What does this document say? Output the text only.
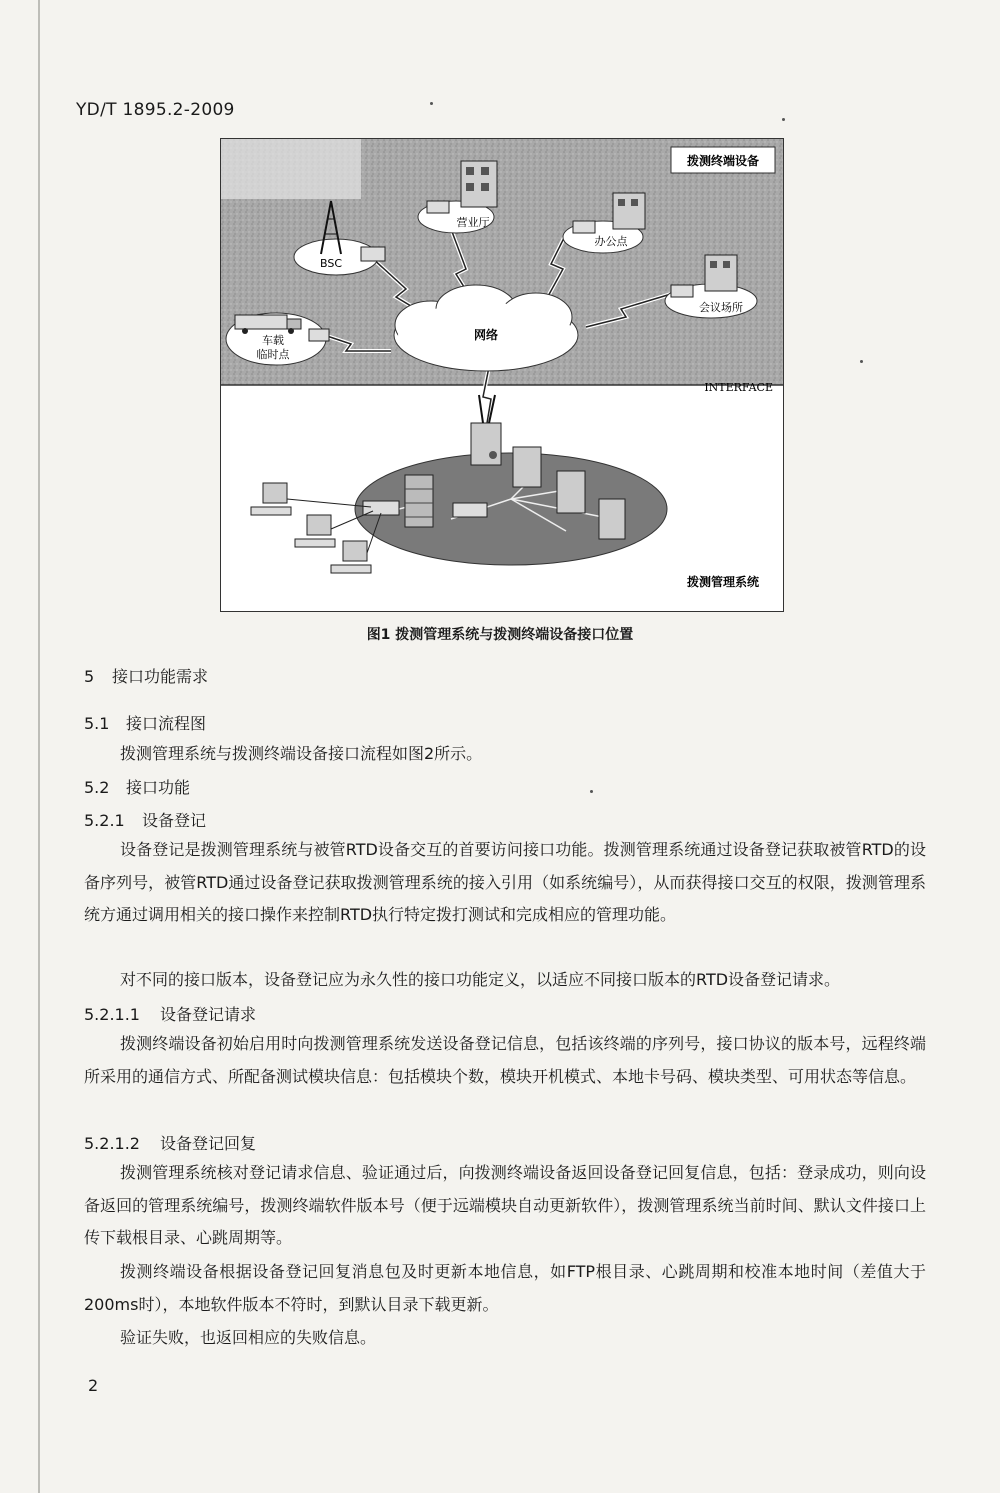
YD/T 1895.2-2009
拨测终端设备
网络
BSC
营业厅
办公点
会议场所
车载
临时点
INTERFACE
拨测管理系统
图1 拨测管理系统与拨测终端设备接口位置
5 接口功能需求
5.1 接口流程图

拨测管理系统与拨测终端设备接口流程如图2所示。

5.2 接口功能
5.2.1 设备登记

设备登记是拨测管理系统与被管RTD设备交互的首要访问接口功能。拨测管理系统通过设备登记获取被管RTD的设备序列号，被管RTD通过设备登记获取拨测管理系统的接入引用（如系统编号），从而获得接口交互的权限，拨测管理系统方通过调用相关的接口操作来控制RTD执行特定拨打测试和完成相应的管理功能。

对不同的接口版本，设备登记应为永久性的接口功能定义，以适应不同接口版本的RTD设备登记请求。

5.2.1.1 设备登记请求

拨测终端设备初始启用时向拨测管理系统发送设备登记信息，包括该终端的序列号，接口协议的版本号，远程终端所采用的通信方式、所配备测试模块信息：包括模块个数，模块开机模式、本地卡号码、模块类型、可用状态等信息。

5.2.1.2 设备登记回复

拨测管理系统核对登记请求信息、验证通过后，向拨测终端设备返回设备登记回复信息，包括：登录成功，则向设备返回的管理系统编号，拨测终端软件版本号（便于远端模块自动更新软件），拨测管理系统当前时间、默认文件接口上传下载根目录、心跳周期等。

拨测终端设备根据设备登记回复消息包及时更新本地信息，如FTP根目录、心跳周期和校准本地时间（差值大于200ms时），本地软件版本不符时，到默认目录下载更新。

验证失败，也返回相应的失败信息。

2
